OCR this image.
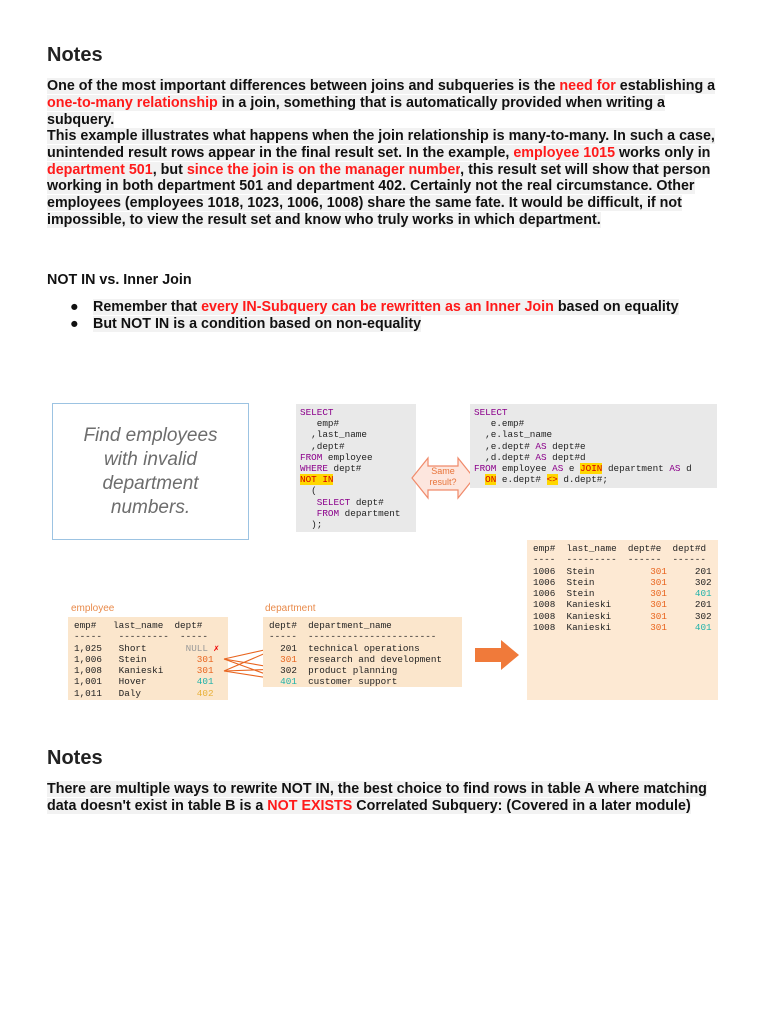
Notes

One of the most important differences between joins and subqueries is the need for establishing a one-to-many relationship in a join, something that is automatically provided when writing a subquery.

This example illustrates what happens when the join relationship is many-to-many. In such a case, unintended result rows appear in the final result set. In the example, employee 1015 works only in department 501, but since the join is on the manager number, this result set will show that person working in both department 501 and department 402. Certainly not the real circumstance. Other employees (employees 1018, 1023, 1006, 1008) share the same fate. It would be difficult, if not impossible, to view the result set and know who truly works in which department.

NOT IN vs. Inner Join
● Remember that every IN-Subquery can be rewritten as an Inner Join based on equality
● But NOT IN is a condition based on non-equality
Find employees with invalid department numbers.
SELECT
emp#
,last_name
,dept#
FROM employee
WHERE dept#
NOT IN
(
SELECT dept#
FROM department
);
Same
result?
SELECT
e.emp#
,e.last_name
,e.dept# AS dept#e
,d.dept# AS dept#d
FROM employee AS e JOIN department AS d
ON e.dept# <> d.dept#;
employee	department
emp# last_name dept#
-----   ---------  -----
1,025 Short	NULL ✗
1,006 Stein	301
1,008 Kanieski	301
1,001 Hover	401
1,011 Daly	402
dept# department_name
-----  -----------------------
201 technical operations
301 research and development
302 product planning
401 customer support
emp# last_name dept#e dept#d
----  ---------  ------  ------
1006 Stein	301	201
1006 Stein	301	302
1006 Stein	301	401
1008 Kanieski	301	201
1008 Kanieski	301	302
1008 Kanieski	301	401
Notes

There are multiple ways to rewrite NOT IN, the best choice to find rows in table A where matching data doesn't exist in table B is a NOT EXISTS Correlated Subquery: (Covered in a later module)
